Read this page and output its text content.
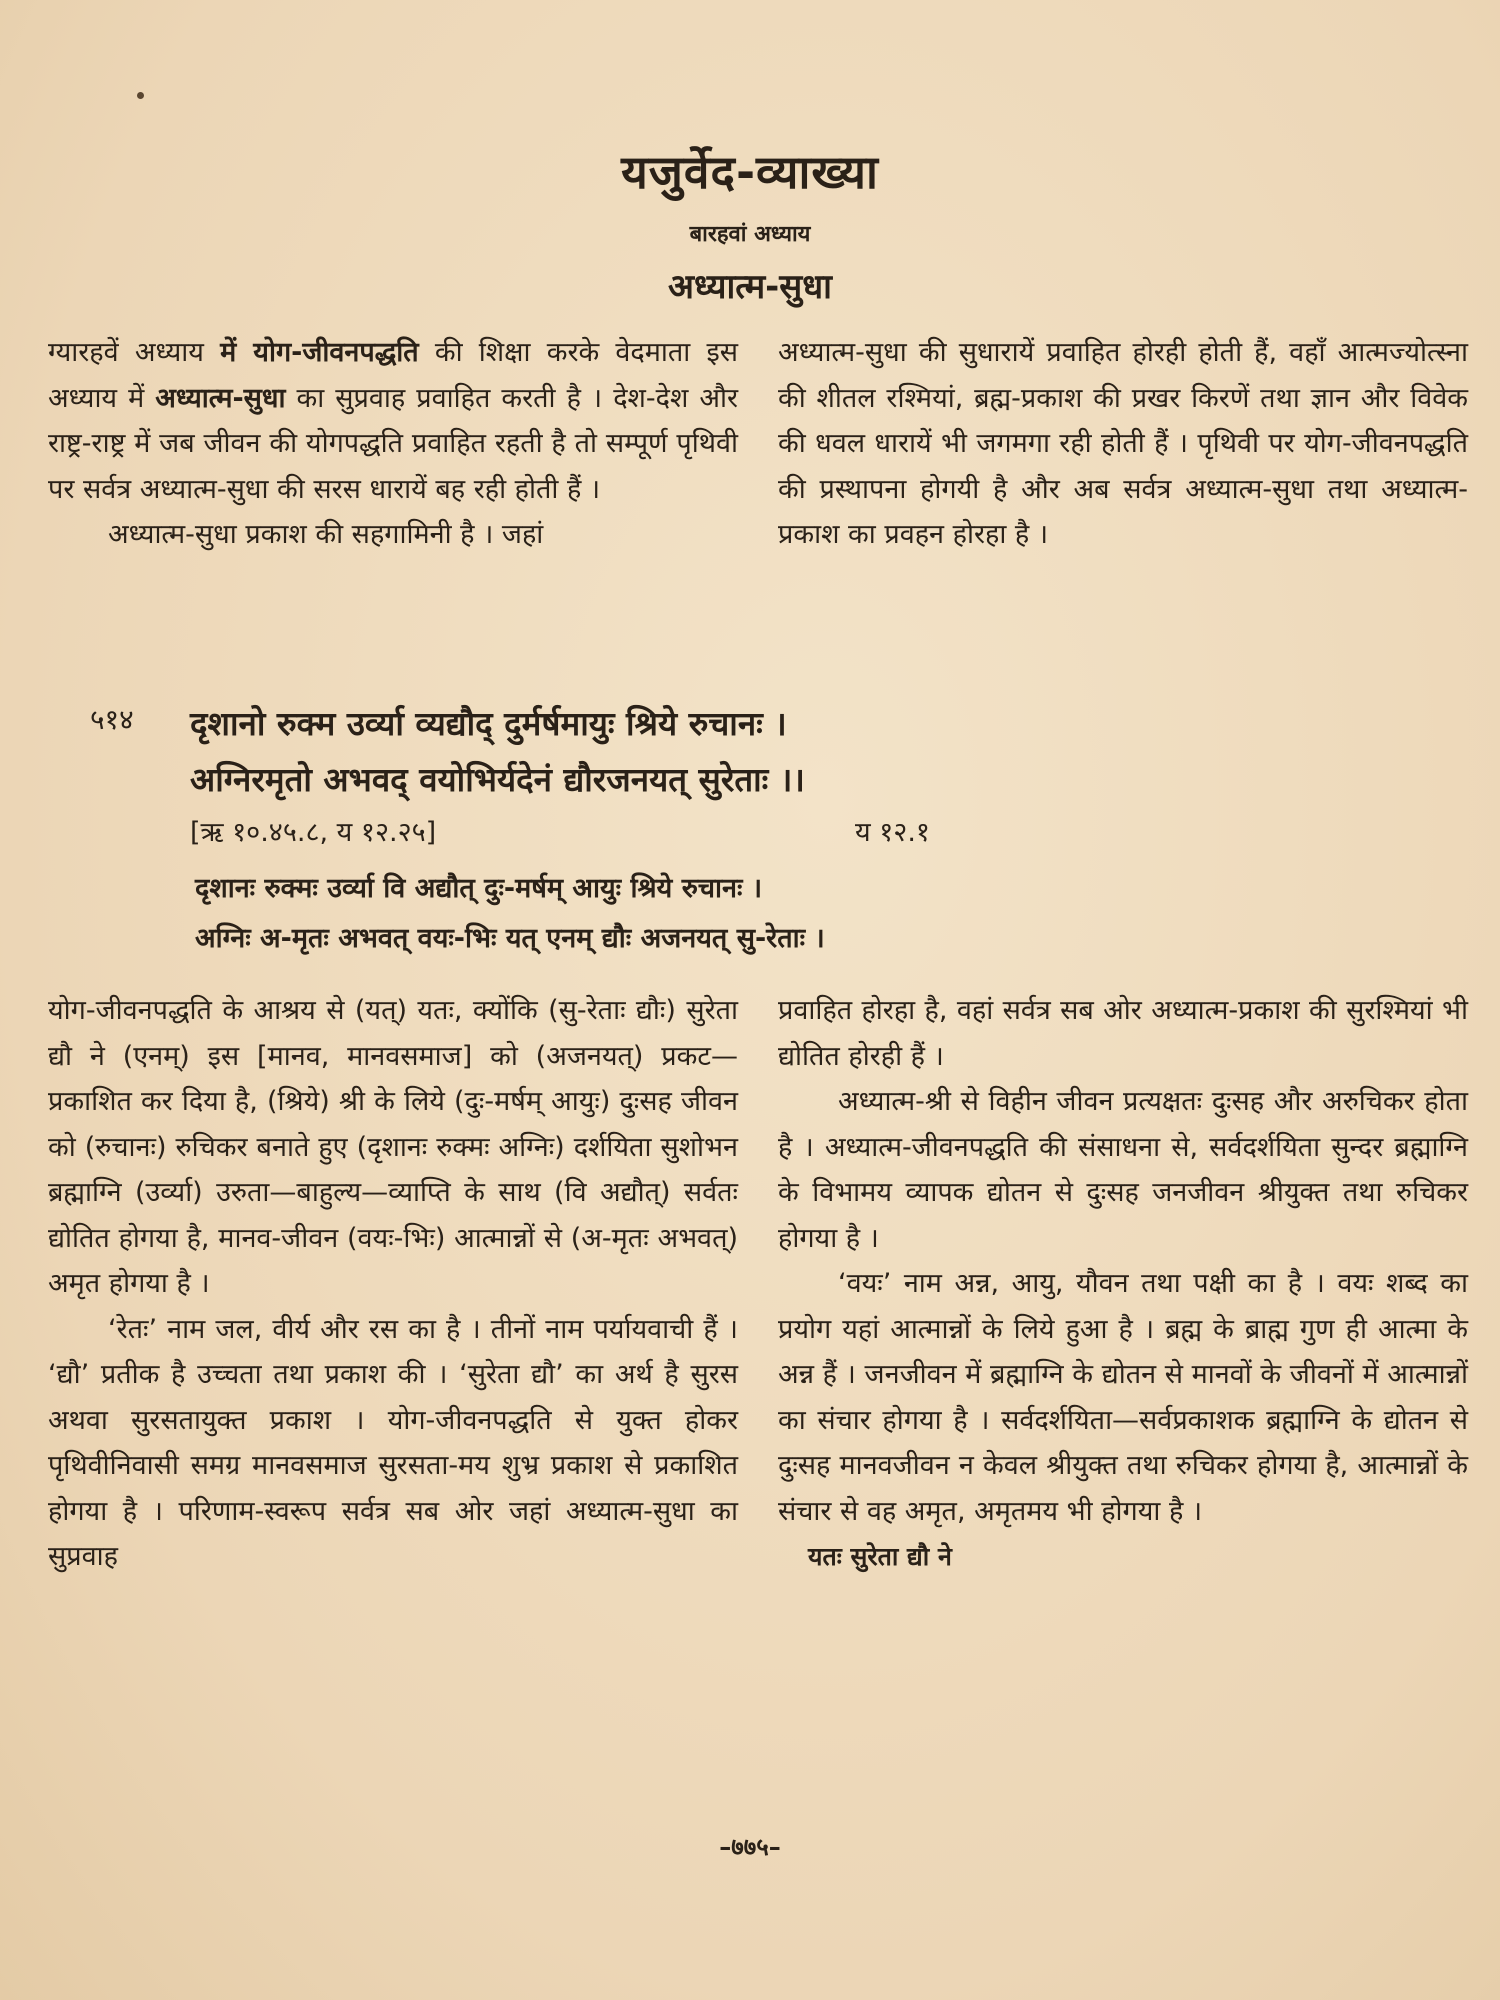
यजुर्वेद-व्याख्या
बारहवां अध्याय
अध्यात्म-सुधा

ग्यारहवें अध्याय में योग-जीवनपद्धति की शिक्षा करके वेदमाता इस अध्याय में अध्यात्म-सुधा का सुप्रवाह प्रवाहित करती है । देश-देश और राष्ट्र-राष्ट्र में जब जीवन की योगपद्धति प्रवाहित रहती है तो सम्पूर्ण पृथिवी पर सर्वत्र अध्यात्म-सुधा की सरस धारायें बह रही होती हैं ।

अध्यात्म-सुधा प्रकाश की सहगामिनी है । जहां

अध्यात्म-सुधा की सुधारायें प्रवाहित होरही होती हैं, वहाँ आत्मज्योत्स्ना की शीतल रश्मियां, ब्रह्म-प्रकाश की प्रखर किरणें तथा ज्ञान और विवेक की धवल धारायें भी जगमगा रही होती हैं । पृथिवी पर योग-जीवनपद्धति की प्रस्थापना होगयी है और अब सर्वत्र अध्यात्म-सुधा तथा अध्यात्म-प्रकाश का प्रवहन होरहा है ।

५१४ दृशानो रुक्म उर्व्या व्यद्यौद् दुर्मर्षमायुः श्रिये रुचानः ।
अग्निरमृतो अभवद् वयोभिर्यदेनं द्यौरजनयत् सुरेताः ।।
[ऋ १०.४५.८, य १२.२५]	य १२.१
दृशानः रुक्मः उर्व्या वि अद्यौत् दुः-मर्षम् आयुः श्रिये रुचानः ।
अग्निः अ-मृतः अभवत् वयः-भिः यत् एनम् द्यौः अजनयत् सु-रेताः ।

योग-जीवनपद्धति के आश्रय से (यत्) यतः, क्योंकि (सु-रेताः द्यौः) सुरेता द्यौ ने (एनम्) इस [मानव, मानवसमाज] को (अजनयत्) प्रकट—प्रकाशित कर दिया है, (श्रिये) श्री के लिये (दुः-मर्षम् आयुः) दुःसह जीवन को (रुचानः) रुचिकर बनाते हुए (दृशानः रुक्मः अग्निः) दर्शयिता सुशोभन ब्रह्माग्नि (उर्व्या) उरुता—बाहुल्य—व्याप्ति के साथ (वि अद्यौत्) सर्वतः द्योतित होगया है, मानव-जीवन (वयः-भिः) आत्मान्नों से (अ-मृतः अभवत्) अमृत होगया है ।

‘रेतः’ नाम जल, वीर्य और रस का है । तीनों नाम पर्यायवाची हैं । ‘द्यौ’ प्रतीक है उच्चता तथा प्रकाश की । ‘सुरेता द्यौ’ का अर्थ है सुरस अथवा सुरसतायुक्त प्रकाश । योग-जीवनपद्धति से युक्त होकर पृथिवीनिवासी समग्र मानवसमाज सुरसता-मय शुभ्र प्रकाश से प्रकाशित होगया है । परिणाम-स्वरूप सर्वत्र सब ओर जहां अध्यात्म-सुधा का सुप्रवाह

प्रवाहित होरहा है, वहां सर्वत्र सब ओर अध्यात्म-प्रकाश की सुरश्मियां भी द्योतित होरही हैं ।

अध्यात्म-श्री से विहीन जीवन प्रत्यक्षतः दुःसह और अरुचिकर होता है । अध्यात्म-जीवनपद्धति की संसाधना से, सर्वदर्शयिता सुन्दर ब्रह्माग्नि के विभामय व्यापक द्योतन से दुःसह जनजीवन श्रीयुक्त तथा रुचिकर होगया है ।

‘वयः’ नाम अन्न, आयु, यौवन तथा पक्षी का है । वयः शब्द का प्रयोग यहां आत्मान्नों के लिये हुआ है । ब्रह्म के ब्राह्म गुण ही आत्मा के अन्न हैं । जनजीवन में ब्रह्माग्नि के द्योतन से मानवों के जीवनों में आत्मान्नों का संचार होगया है । सर्वदर्शयिता—सर्वप्रकाशक ब्रह्माग्नि के द्योतन से दुःसह मानवजीवन न केवल श्रीयुक्त तथा रुचिकर होगया है, आत्मान्नों के संचार से वह अमृत, अमृतमय भी होगया है ।

यतः सुरेता द्यौ ने

–७७५–
